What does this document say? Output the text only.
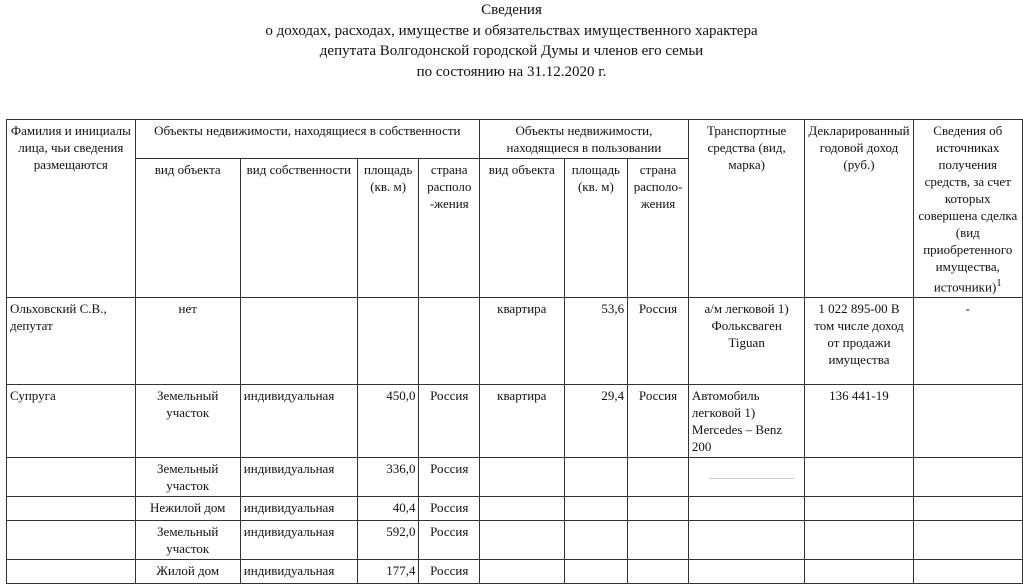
Сведения
о доходах, расходах, имуществе и обязательствах имущественного характера
депутата Волгодонской городской Думы и членов его семьи
по состоянию на 31.12.2020 г.
Фамилия и инициалы лица, чьи сведения размещаются	Объекты недвижимости, находящиеся в собственности				Объекты недвижимости, находящиеся в пользовании			Транспортные средства (вид, марка)	Декларированный годовой доход (руб.)	Сведения об источниках получения средств, за счет которых совершена сделка (вид приобретенного имущества, источники)$^1$
	вид объекта	вид собственности	площадь (кв. м)	страна располо -жения	вид объекта	площадь (кв. м)	страна располо- жения			
Ольховский С.В., депутат	нет				квартира	53,6	Россия	а/м легковой 1) Фольксваген Tiguan	1 022 895-00 В том числе доход от продажи имущества	-
Супруга	Земельный участок	индивидуальная	450,0	Россия	квартира	29,4	Россия	Автомобиль легковой 1) Mercedes – Benz 200	136 441-19	
	Земельный участок	индивидуальная	336,0	Россия				

	Нежилой дом	индивидуальная	40,4	Россия						
	Земельный участок	индивидуальная	592,0	Россия						
	Жилой дом	индивидуальная	177,4	Россия						
